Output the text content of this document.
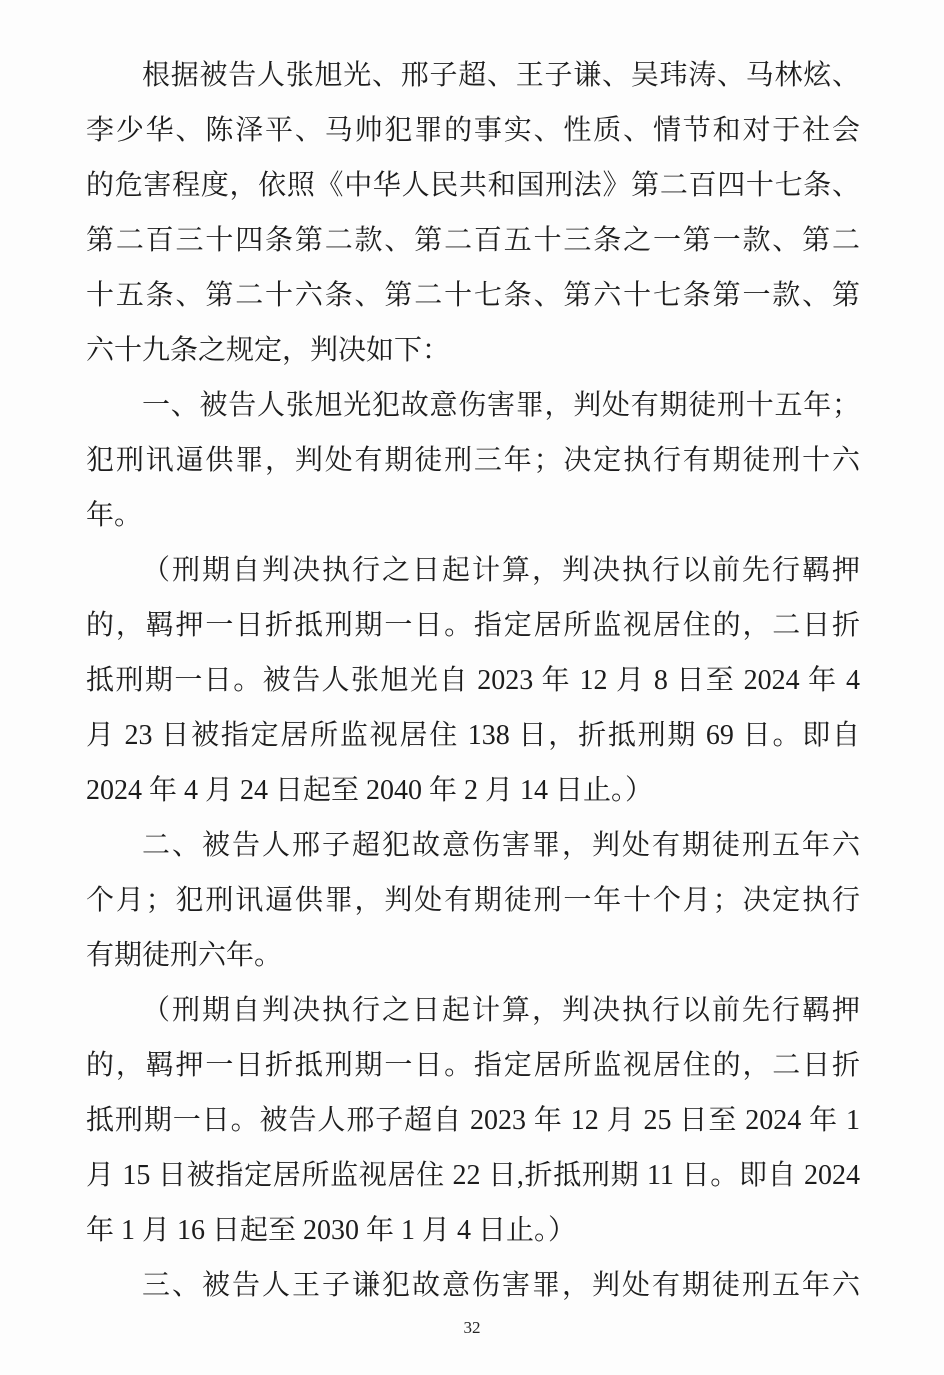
根据被告人张旭光、邢子超、王子谦、吴玮涛、马林炫、
李少华、陈泽平、马帅犯罪的事实、性质、情节和对于社会
的危害程度，依照《中华人民共和国刑法》第二百四十七条、
第二百三十四条第二款、第二百五十三条之一第一款、第二
十五条、第二十六条、第二十七条、第六十七条第一款、第
六十九条之规定，判决如下：
一、被告人张旭光犯故意伤害罪，判处有期徒刑十五年；
犯刑讯逼供罪，判处有期徒刑三年；决定执行有期徒刑十六
年。
（刑期自判决执行之日起计算，判决执行以前先行羁押
的，羁押一日折抵刑期一日。指定居所监视居住的，二日折
抵刑期一日。被告人张旭光自 2023 年 12 月 8 日至 2024 年 4
月 23 日被指定居所监视居住 138 日，折抵刑期 69 日。即自
2024 年 4 月 24 日起至 2040 年 2 月 14 日止。）
二、被告人邢子超犯故意伤害罪，判处有期徒刑五年六
个月；犯刑讯逼供罪，判处有期徒刑一年十个月；决定执行
有期徒刑六年。
（刑期自判决执行之日起计算，判决执行以前先行羁押
的，羁押一日折抵刑期一日。指定居所监视居住的，二日折
抵刑期一日。被告人邢子超自 2023 年 12 月 25 日至 2024 年 1
月 15 日被指定居所监视居住 22 日,折抵刑期 11 日。即自 2024
年 1 月 16 日起至 2030 年 1 月 4 日止。）
三、被告人王子谦犯故意伤害罪，判处有期徒刑五年六
32
